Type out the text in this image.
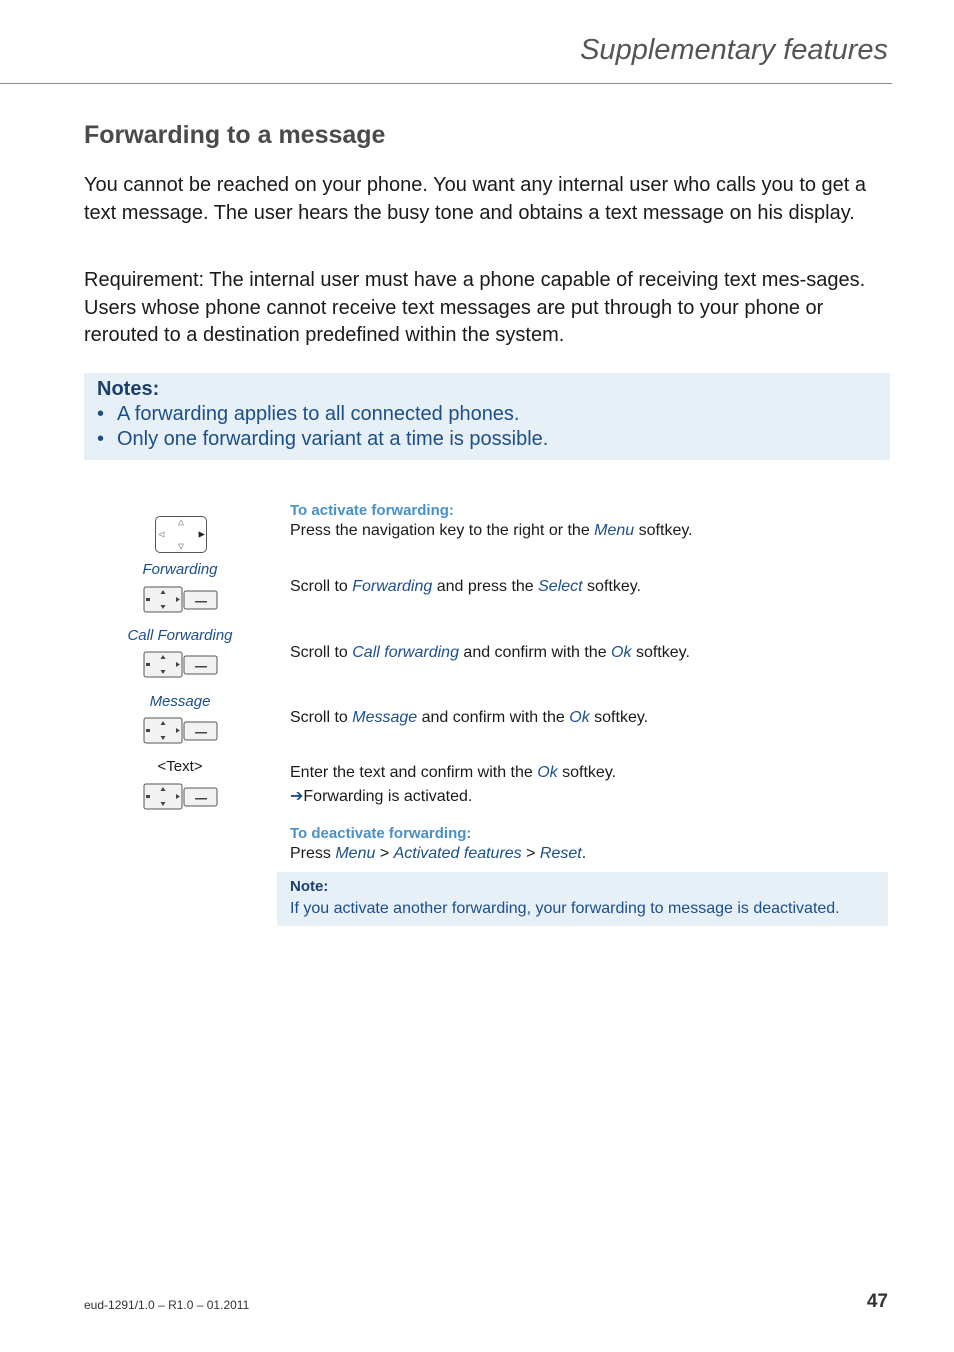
Supplementary features
Forwarding to a message

You cannot be reached on your phone. You want any internal user who calls you to get a text message. The user hears the busy tone and obtains a text message on his display.

Requirement: The internal user must have a phone capable of receiving text mes-sages. Users whose phone cannot receive text messages are put through to your phone or rerouted to a destination predefined within the system.

Notes:
• A forwarding applies to all connected phones.
• Only one forwarding variant at a time is possible.
Forwarding
Call Forwarding
Message
<Text>
To activate forwarding:
Press the navigation key to the right or the Menu softkey.
Scroll to Forwarding and press the Select softkey.
Scroll to Call forwarding and confirm with the Ok softkey.
Scroll to Message and confirm with the Ok softkey.
Enter the text and confirm with the Ok softkey.
➔Forwarding is activated.
To deactivate forwarding:
Press Menu > Activated features > Reset.
Note:
If you activate another forwarding, your forwarding to message is deactivated.
eud-1291/1.0 – R1.0 – 01.2011	47
